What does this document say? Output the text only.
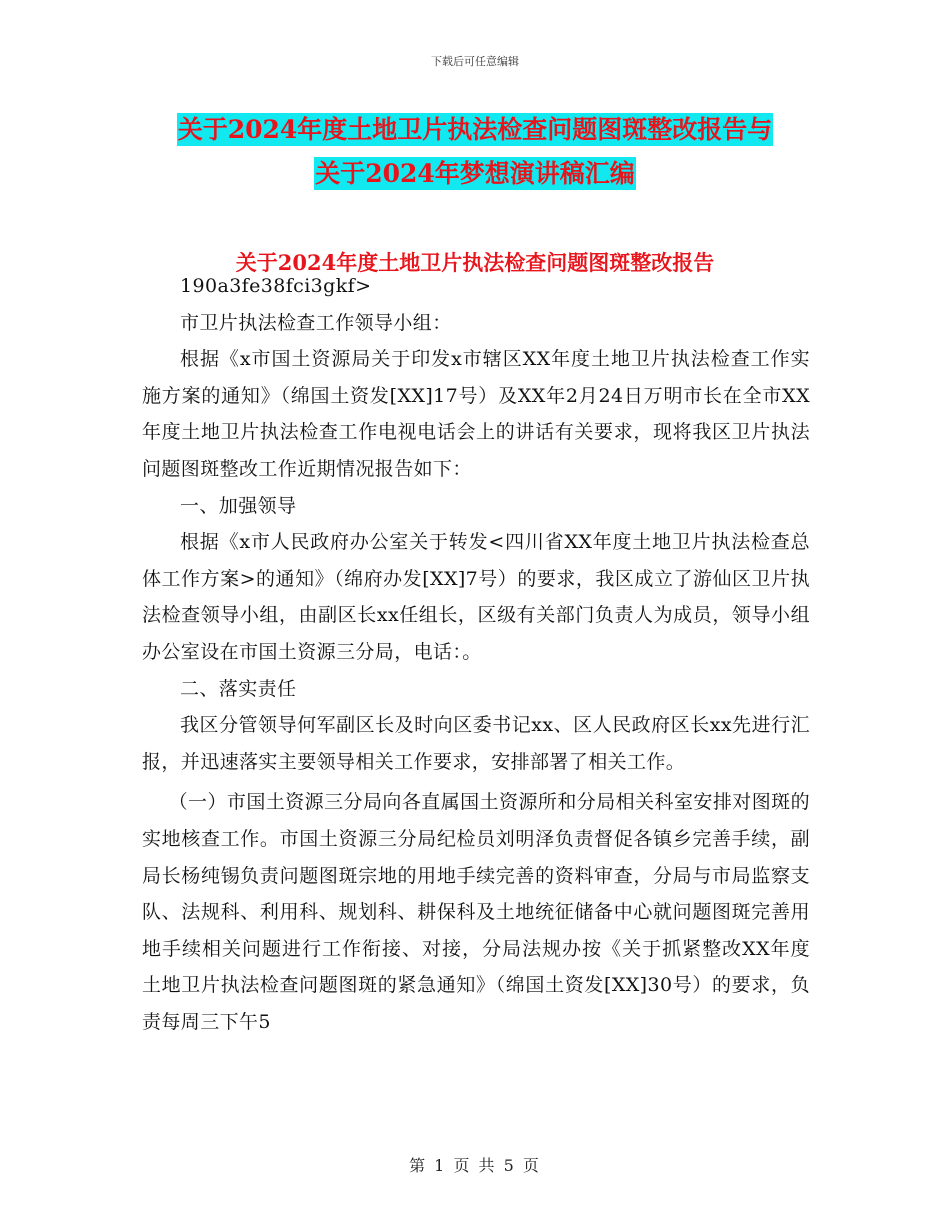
下载后可任意编辑
关于2024年度土地卫片执法检查问题图斑整改报告与
关于2024年梦想演讲稿汇编
关于2024年度土地卫片执法检查问题图斑整改报告

190a3fe38fci3gkf>

市卫片执法检查工作领导小组：

根据《x市国土资源局关于印发x市辖区XX年度土地卫片执法检查工作实施方案的通知》（绵国土资发[XX]17号）及XX年2月24日万明市长在全市XX年度土地卫片执法检查工作电视电话会上的讲话有关要求，现将我区卫片执法问题图斑整改工作近期情况报告如下：

一、加强领导

根据《x市人民政府办公室关于转发<四川省XX年度土地卫片执法检查总体工作方案>的通知》（绵府办发[XX]7号）的要求，我区成立了游仙区卫片执法检查领导小组，由副区长xx任组长，区级有关部门负责人为成员，领导小组办公室设在市国土资源三分局，电话：。

二、落实责任

我区分管领导何军副区长及时向区委书记xx、区人民政府区长xx先进行汇报，并迅速落实主要领导相关工作要求，安排部署了相关工作。

（一）市国土资源三分局向各直属国土资源所和分局相关科室安排对图斑的实地核查工作。市国土资源三分局纪检员刘明泽负责督促各镇乡完善手续，副局长杨纯锡负责问题图斑宗地的用地手续完善的资料审查，分局与市局监察支队、法规科、利用科、规划科、耕保科及土地统征储备中心就问题图斑完善用地手续相关问题进行工作衔接、对接，分局法规办按《关于抓紧整改XX年度土地卫片执法检查问题图斑的紧急通知》（绵国土资发[XX]30号）的要求，负责每周三下午5

第 1 页 共 5 页
